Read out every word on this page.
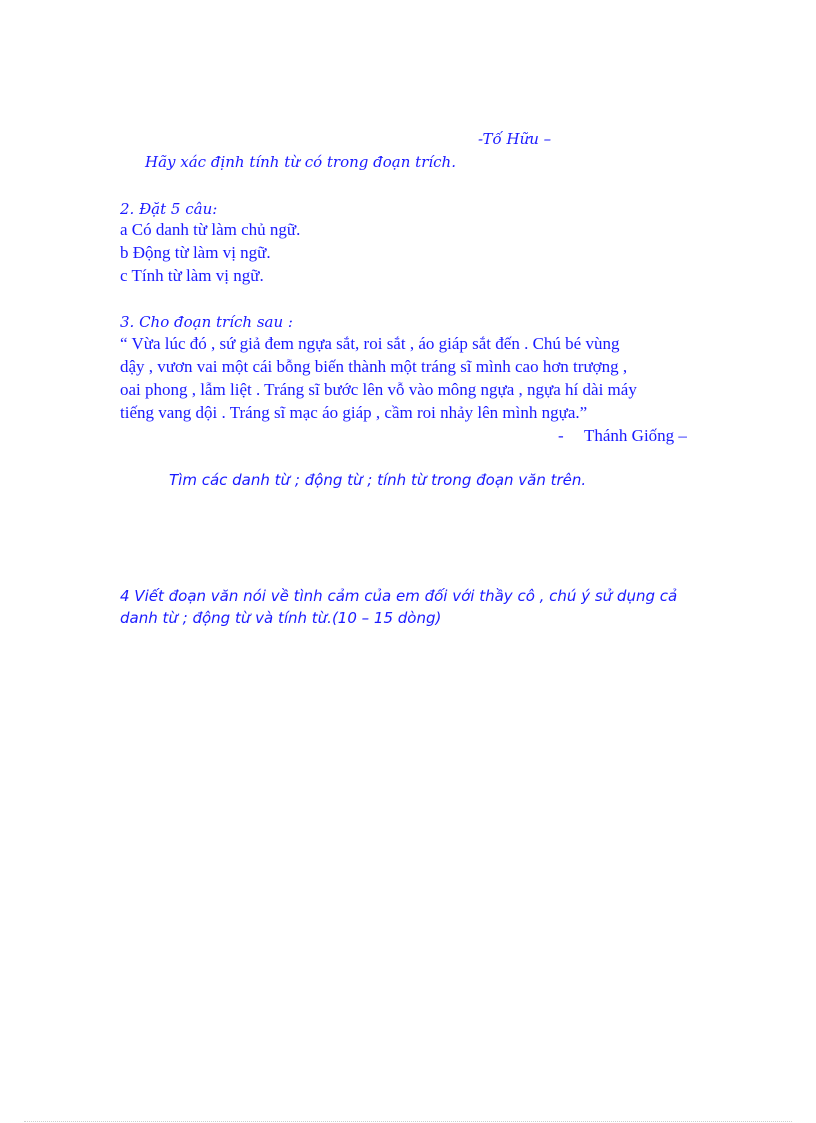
-Tố Hữu –
Hãy xác định tính từ có trong đoạn trích.
2. Đặt 5 câu:
a Có danh từ làm chủ ngữ.
b Động từ làm vị ngữ.
c Tính từ làm vị ngữ.
3. Cho đoạn trích sau :
“ Vừa lúc đó , sứ giả đem ngựa sắt, roi sắt , áo giáp sắt đến . Chú bé vùng
dậy , vươn vai một cái bỗng biến thành một tráng sĩ mình cao hơn trượng ,
oai phong , lẫm liệt . Tráng sĩ bước lên vỗ vào mông ngựa , ngựa hí dài máy
tiếng vang dội . Tráng sĩ mạc áo giáp , cầm roi nhảy lên mình ngựa.”
- Thánh Giống –
Tìm các danh từ ; động từ ; tính từ trong đoạn văn trên.
4 Viết đoạn văn nói về tình cảm của em đối với thầy cô , chú ý sử dụng cả
danh từ ; động từ và tính từ.(10 – 15 dòng)
